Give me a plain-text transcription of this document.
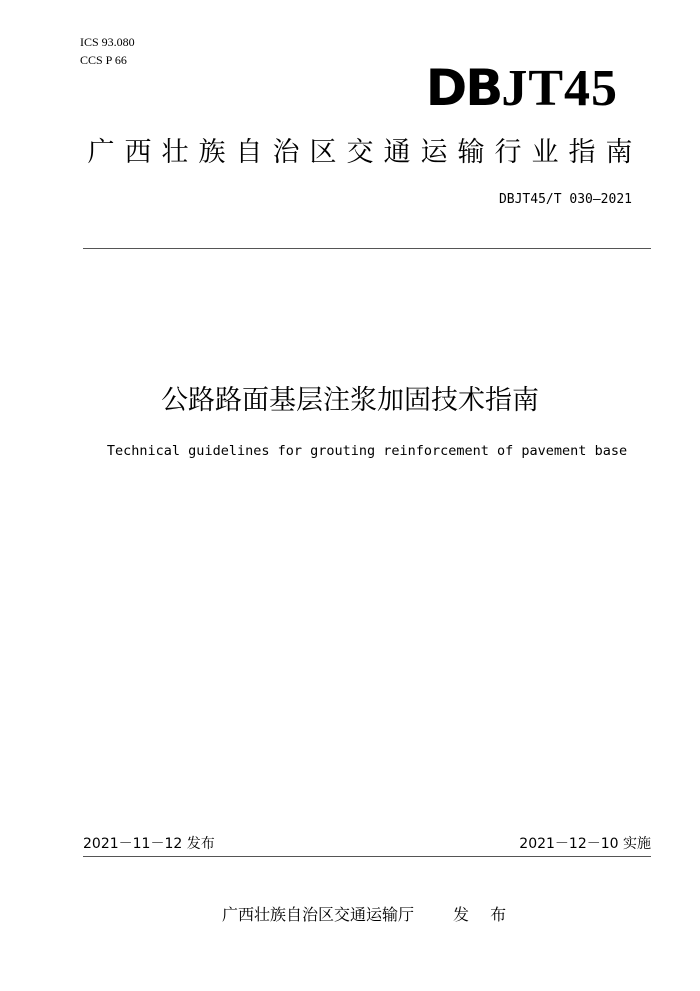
ICS 93.080
CCS P 66	DBJT45
广西壮族自治区交通运输行业指南
DBJT45/T 030—2021
公路路面基层注浆加固技术指南
Technical guidelines for grouting reinforcement of pavement base
2021－11－12 发布	2021－12－10 实施
广西壮族自治区交通运输厅 发 布
